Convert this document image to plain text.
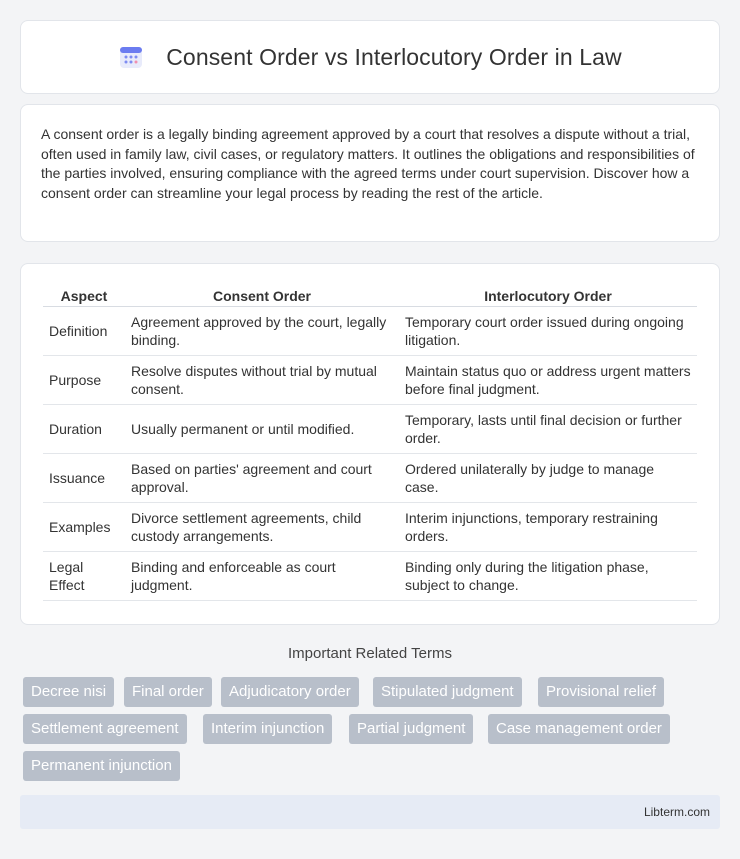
Consent Order vs Interlocutory Order in Law

A consent order is a legally binding agreement approved by a court that resolves a dispute without a trial, often used in family law, civil cases, or regulatory matters. It outlines the obligations and responsibilities of the parties involved, ensuring compliance with the agreed terms under court supervision. Discover how a consent order can streamline your legal process by reading the rest of the article.

Aspect	Consent Order	Interlocutory Order
Definition	Agreement approved by the court, legally binding.	Temporary court order issued during ongoing litigation.
Purpose	Resolve disputes without trial by mutual consent.	Maintain status quo or address urgent matters before final judgment.
Duration	Usually permanent or until modified.	Temporary, lasts until final decision or further order.
Issuance	Based on parties' agreement and court approval.	Ordered unilaterally by judge to manage case.
Examples	Divorce settlement agreements, child custody arrangements.	Interim injunctions, temporary restraining orders.
Legal Effect	Binding and enforceable as court judgment.	Binding only during the litigation phase, subject to change.
Important Related Terms
Decree nisi	Final order	Adjudicatory order	Stipulated judgment	Provisional relief
Settlement agreement	Interim injunction	Partial judgment	Case management order
Permanent injunction
Libterm.com
